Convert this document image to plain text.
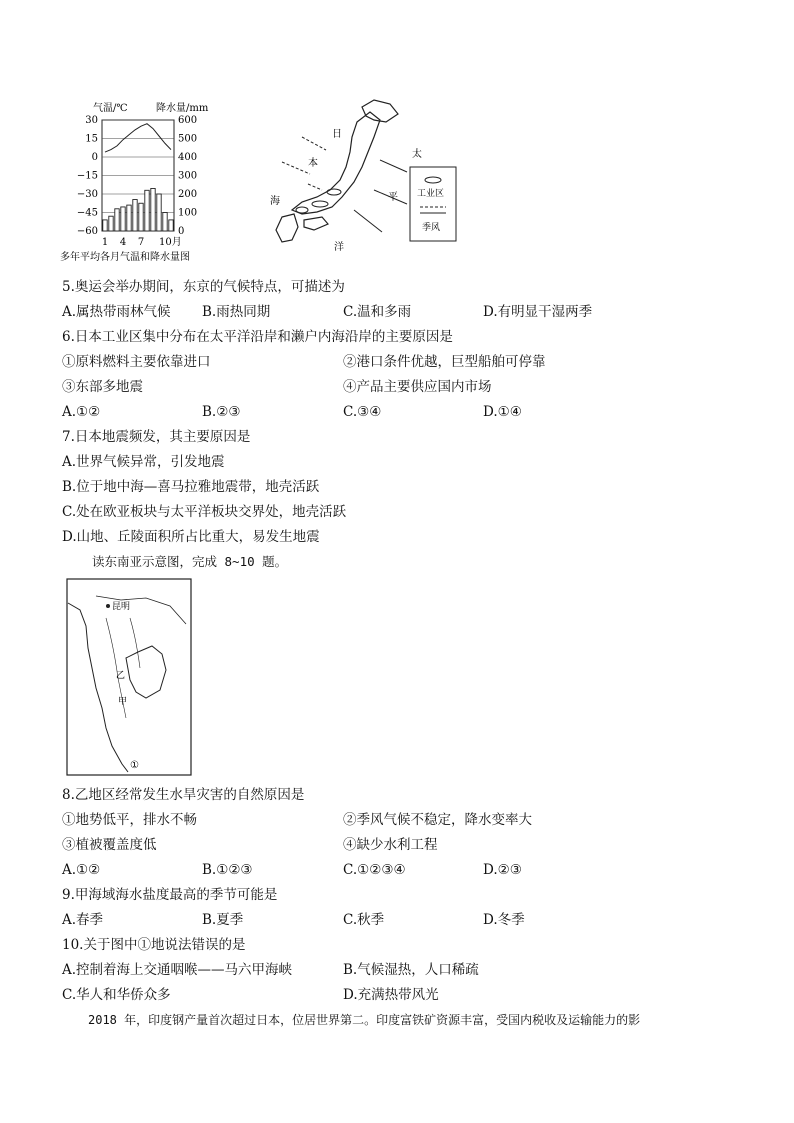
气温/℃	降水量/mm
30
15
0
−15
−30
−45
−60
600
500
400
300
200
100
0
1 4 7 10月
多年平均各月气温和降水量图
日
本
海
太
平
洋
工业区
季风
5.奥运会举办期间，东京的气候特点，可描述为
A.属热带雨林气候 B.雨热同期	C.温和多雨	D.有明显干湿两季
6.日本工业区集中分布在太平洋沿岸和濑户内海沿岸的主要原因是
①原料燃料主要依靠进口	②港口条件优越，巨型船舶可停靠
③东部多地震	④产品主要供应国内市场
A.①②	B.②③	C.③④	D.①④
7.日本地震频发，其主要原因是
A.世界气候异常，引发地震
B.位于地中海—喜马拉雅地震带，地壳活跃
C.处在欧亚板块与太平洋板块交界处，地壳活跃
D.山地、丘陵面积所占比重大，易发生地震
读东南亚示意图，完成 8~10 题。
昆明
乙
甲
①
8.乙地区经常发生水旱灾害的自然原因是
①地势低平，排水不畅	②季风气候不稳定，降水变率大
③植被覆盖度低	④缺少水利工程
A.①②	B.①②③	C.①②③④	D.②③
9.甲海域海水盐度最高的季节可能是
A.春季	B.夏季	C.秋季	D.冬季
10.关于图中①地说法错误的是
A.控制着海上交通咽喉——马六甲海峡	B.气候湿热，人口稀疏
C.华人和华侨众多	D.充满热带风光
2018 年，印度钢产量首次超过日本，位居世界第二。印度富铁矿资源丰富，受国内税收及运输能力的影
